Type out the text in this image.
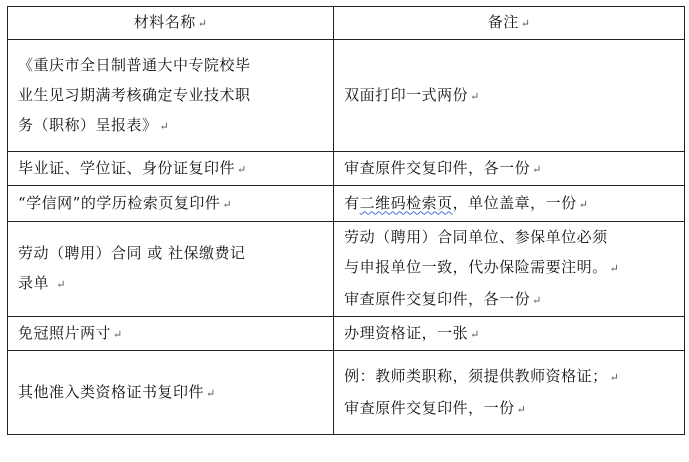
材料名称 ↵	备注 ↵

《重庆市全日制普通大中专院校毕
业生见习期满考核确定专业技术职
务（职称）呈报表》 ↵	双面打印一式两份 ↵

毕业证、学位证、身份证复印件 ↵	审查原件交复印件，各一份 ↵

“学信网”的学历检索页复印件 ↵	有二维码检索页，单位盖章，一份 ↵

劳动（聘用）合同 或 社保缴费记
录单 ↵	劳动（聘用）合同单位、参保单位必须
与申报单位一致，代办保险需要注明。 ↵
审查原件交复印件，各一份 ↵

免冠照片两寸 ↵	办理资格证，一张 ↵

其他准入类资格证书复印件 ↵	例：教师类职称，须提供教师资格证； ↵
审查原件交复印件，一份 ↵
